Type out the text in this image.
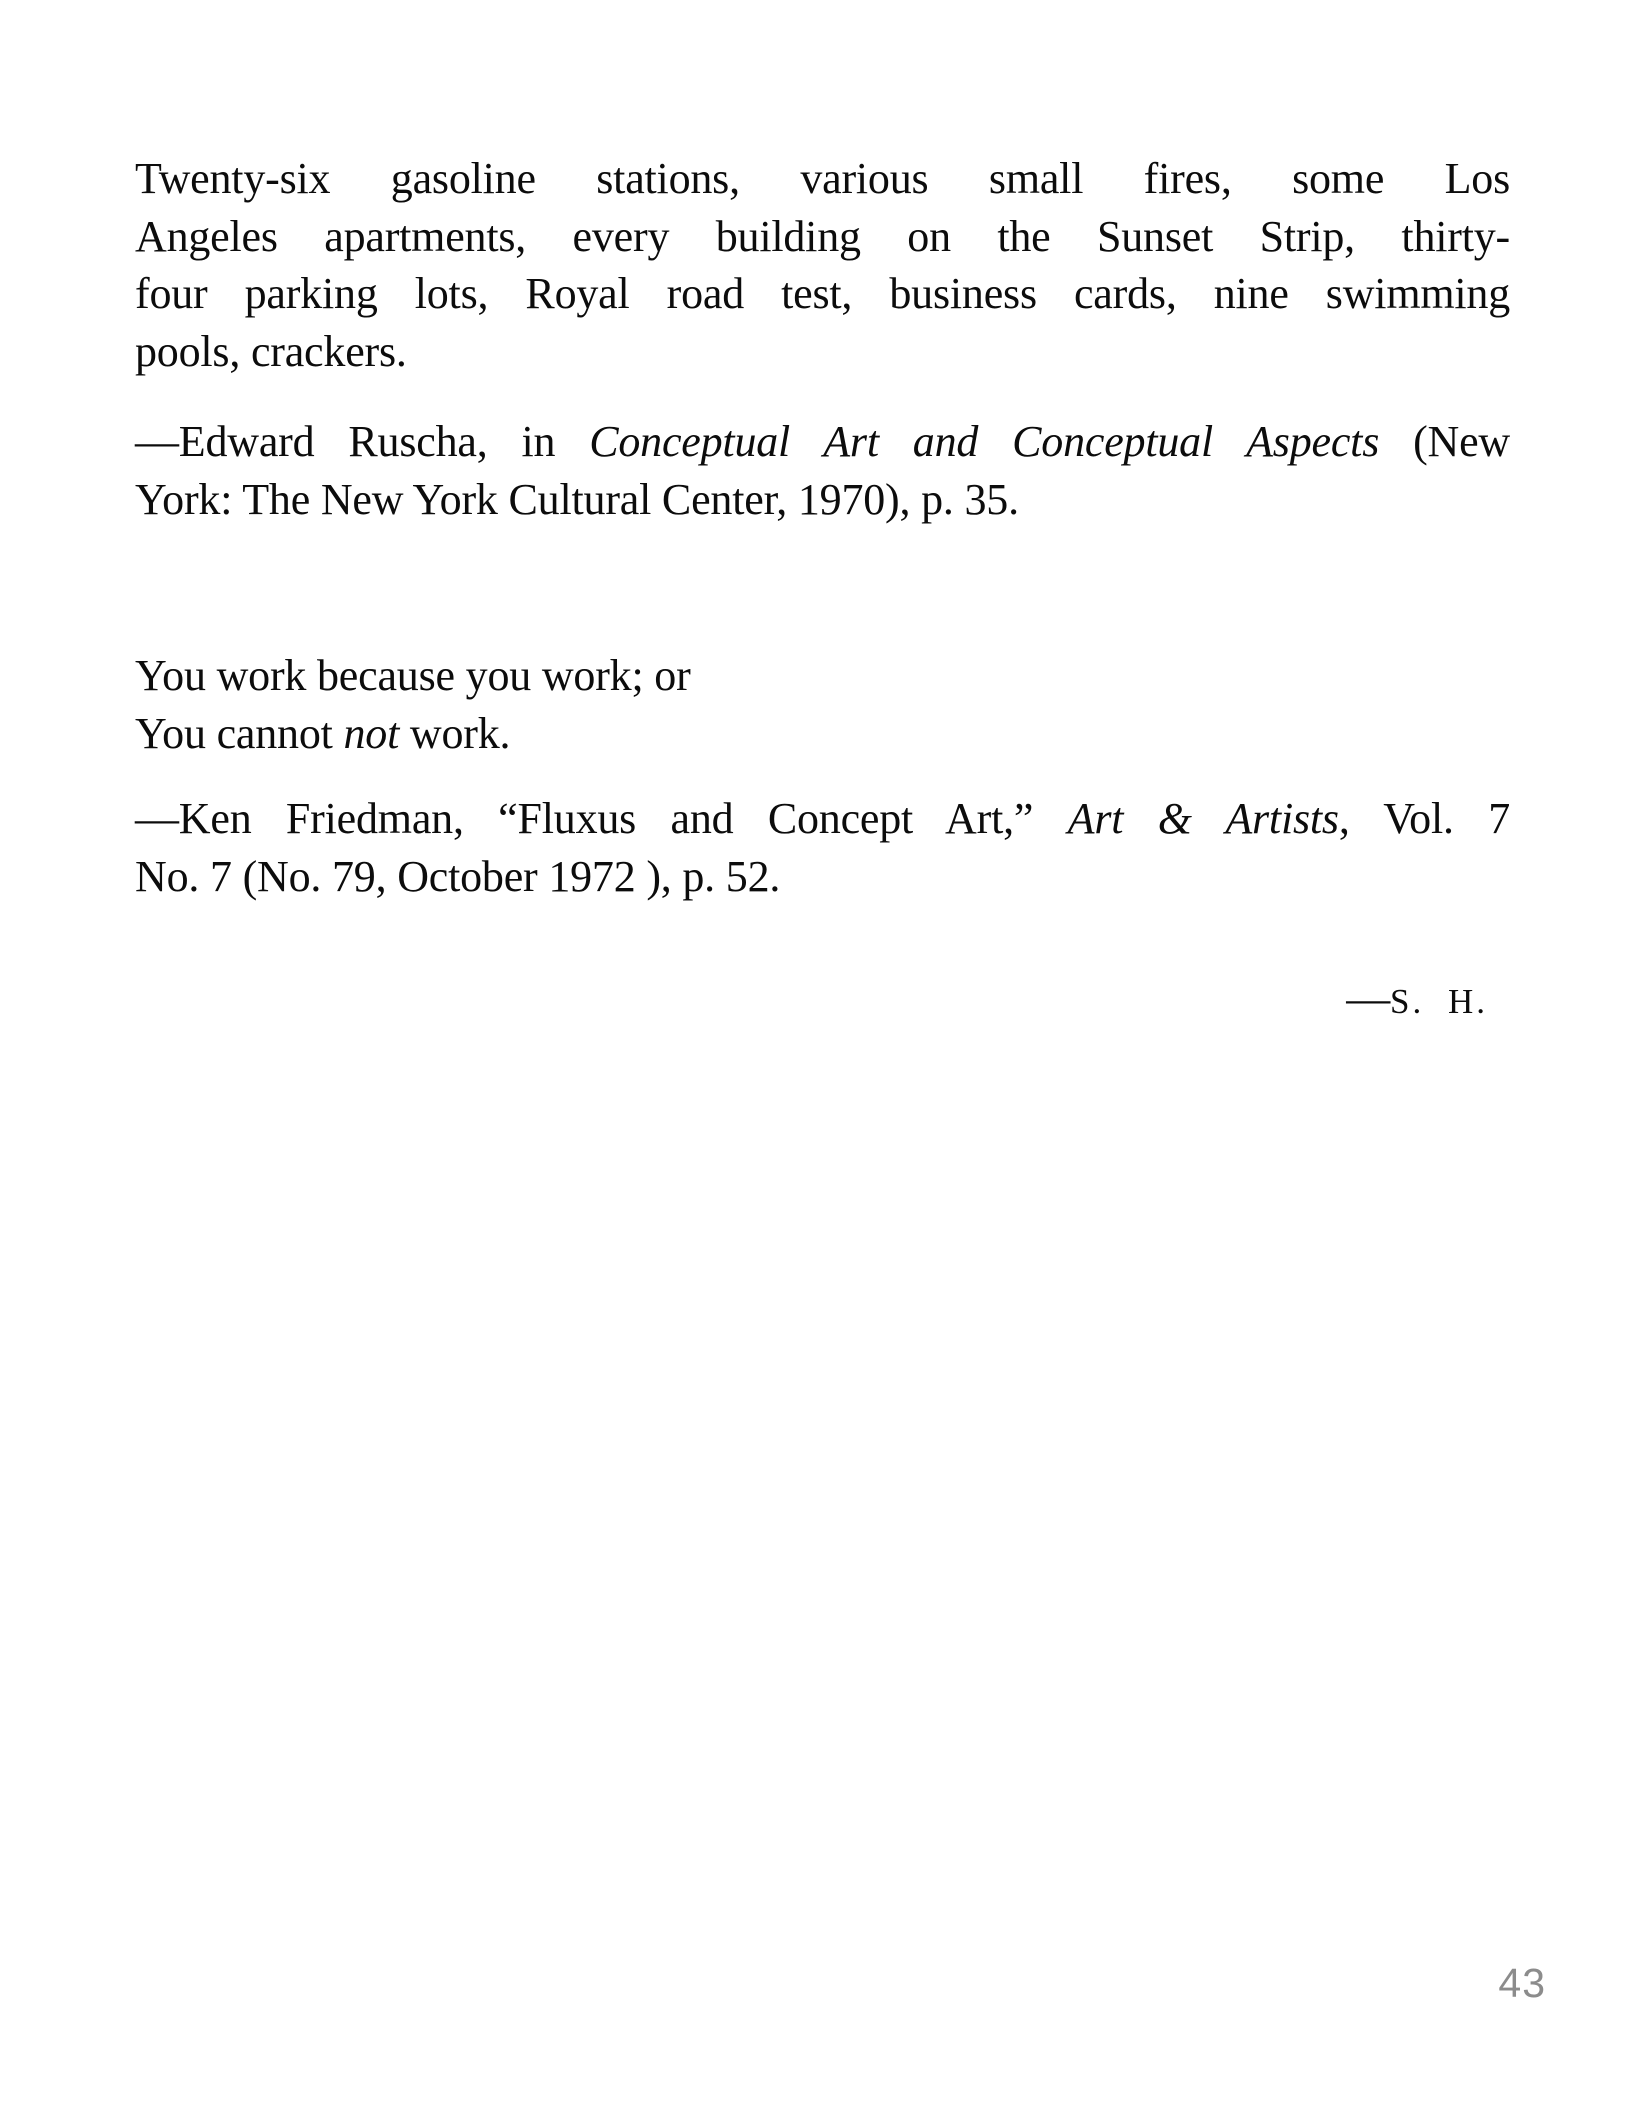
Twenty-six gasoline stations, various small fires, some Los
Angeles apartments, every building on the Sunset Strip, thirty-
four parking lots, Royal road test, business cards, nine swimming
pools, crackers.
—Edward Ruscha, in Conceptual Art and Conceptual Aspects (New
York: The New York Cultural Center, 1970), p. 35.
You work because you work; or
You cannot not work.
—Ken Friedman, “Fluxus and Concept Art,” Art & Artists, Vol. 7
No. 7 (No. 79, October 1972 ), p. 52.
—S. H.
43
